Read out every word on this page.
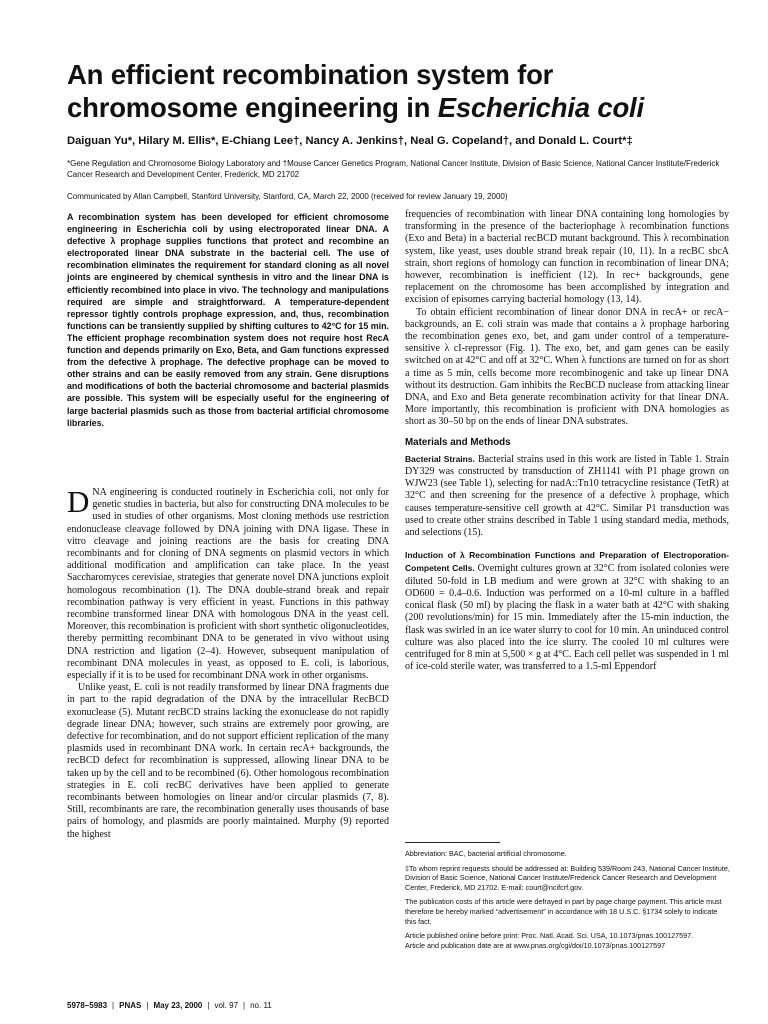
An efficient recombination system for chromosome engineering in Escherichia coli
Daiguan Yu*, Hilary M. Ellis*, E-Chiang Lee†, Nancy A. Jenkins†, Neal G. Copeland†, and Donald L. Court*‡
*Gene Regulation and Chromosome Biology Laboratory and †Mouse Cancer Genetics Program, National Cancer Institute, Division of Basic Science, National Cancer Institute/Frederick Cancer Research and Development Center, Frederick, MD 21702
Communicated by Allan Campbell, Stanford University, Stanford, CA, March 22, 2000 (received for review January 19, 2000)
A recombination system has been developed for efficient chromosome engineering in Escherichia coli by using electroporated linear DNA. A defective λ prophage supplies functions that protect and recombine an electroporated linear DNA substrate in the bacterial cell. The use of recombination eliminates the requirement for standard cloning as all novel joints are engineered by chemical synthesis in vitro and the linear DNA is efficiently recombined into place in vivo. The technology and manipulations required are simple and straightforward. A temperature-dependent repressor tightly controls prophage expression, and, thus, recombination functions can be transiently supplied by shifting cultures to 42°C for 15 min. The efficient prophage recombination system does not require host RecA function and depends primarily on Exo, Beta, and Gam functions expressed from the defective λ prophage. The defective prophage can be moved to other strains and can be easily removed from any strain. Gene disruptions and modifications of both the bacterial chromosome and bacterial plasmids are possible. This system will be especially useful for the engineering of large bacterial plasmids such as those from bacterial artificial chromosome libraries.

DNA engineering is conducted routinely in Escherichia coli, not only for genetic studies in bacteria, but also for constructing DNA molecules to be used in studies of other organisms. Most cloning methods use restriction endonuclease cleavage followed by DNA joining with DNA ligase. These in vitro cleavage and joining reactions are the basis for creating DNA recombinants and for cloning of DNA segments on plasmid vectors in which additional modification and amplification can take place. In the yeast Saccharomyces cerevisiae, strategies that generate novel DNA junctions exploit homologous recombination (1). The DNA double-strand break and repair recombination pathway is very efficient in yeast. Functions in this pathway recombine transformed linear DNA with homologous DNA in the yeast cell. Moreover, this recombination is proficient with short synthetic oligonucleotides, thereby permitting recombinant DNA to be generated in vivo without using DNA restriction and ligation (2–4). However, subsequent manipulation of recombinant DNA molecules in yeast, as opposed to E. coli, is laborious, especially if it is to be used for recombinant DNA work in other organisms.

Unlike yeast, E. coli is not readily transformed by linear DNA fragments due in part to the rapid degradation of the DNA by the intracellular RecBCD exonuclease (5). Mutant recBCD strains lacking the exonuclease do not rapidly degrade linear DNA; however, such strains are extremely poor growing, are defective for recombination, and do not support efficient replication of the many plasmids used in recombinant DNA work. In certain recA+ backgrounds, the recBCD defect for recombination is suppressed, allowing linear DNA to be taken up by the cell and to be recombined (6). Other homologous recombination strategies in E. coli recBC derivatives have been applied to generate recombinants between homologies on linear and/or circular plasmids (7, 8). Still, recombinants are rare, the recombination generally uses thousands of base pairs of homology, and plasmids are poorly maintained. Murphy (9) reported the highest

frequencies of recombination with linear DNA containing long homologies by transforming in the presence of the bacteriophage λ recombination functions (Exo and Beta) in a bacterial recBCD mutant background. This λ recombination system, like yeast, uses double strand break repair (10, 11). In a recBC sbcA strain, short regions of homology can function in recombination of linear DNA; however, recombination is inefficient (12). In rec+ backgrounds, gene replacement on the chromosome has been accomplished by integration and excision of episomes carrying bacterial homology (13, 14).

To obtain efficient recombination of linear donor DNA in recA+ or recA− backgrounds, an E. coli strain was made that contains a λ prophage harboring the recombination genes exo, bet, and gam under control of a temperature-sensitive λ cI-repressor (Fig. 1). The exo, bet, and gam genes can be easily switched on at 42°C and off at 32°C. When λ functions are turned on for as short a time as 5 min, cells become more recombinogenic and take up linear DNA without its destruction. Gam inhibits the RecBCD nuclease from attacking linear DNA, and Exo and Beta generate recombination activity for that linear DNA. More importantly, this recombination is proficient with DNA homologies as short as 30–50 bp on the ends of linear DNA substrates.

Materials and Methods

Bacterial Strains. Bacterial strains used in this work are listed in Table 1. Strain DY329 was constructed by transduction of ZH1141 with P1 phage grown on WJW23 (see Table 1), selecting for nadA::Tn10 tetracycline resistance (TetR) at 32°C and then screening for the presence of a defective λ prophage, which causes temperature-sensitive cell growth at 42°C. Similar P1 transduction was used to create other strains described in Table 1 using standard media, methods, and selections (15).

Induction of λ Recombination Functions and Preparation of Electroporation-Competent Cells. Overnight cultures grown at 32°C from isolated colonies were diluted 50-fold in LB medium and were grown at 32°C with shaking to an OD600 = 0.4–0.6. Induction was performed on a 10-ml culture in a baffled conical flask (50 ml) by placing the flask in a water bath at 42°C with shaking (200 revolutions/min) for 15 min. Immediately after the 15-min induction, the flask was swirled in an ice water slurry to cool for 10 min. An uninduced control culture was also placed into the ice slurry. The cooled 10 ml cultures were centrifuged for 8 min at 5,500 × g at 4°C. Each cell pellet was suspended in 1 ml of ice-cold sterile water, was transferred to a 1.5-ml Eppendorf

Abbreviation: BAC, bacterial artificial chromosome.

‡To whom reprint requests should be addressed at: Building 539/Room 243, National Cancer Institute, Division of Basic Science, National Cancer Institute/Frederick Cancer Research and Development Center, Frederick, MD 21702. E-mail: court@ncifcrf.gov.

The publication costs of this article were defrayed in part by page charge payment. This article must therefore be hereby marked “advertisement” in accordance with 18 U.S.C. §1734 solely to indicate this fact.

Article published online before print: Proc. Natl. Acad. Sci. USA, 10.1073/pnas.100127597.

Article and publication date are at www.pnas.org/cgi/doi/10.1073/pnas.100127597

5978–5983 | PNAS | May 23, 2000 | vol. 97 | no. 11
